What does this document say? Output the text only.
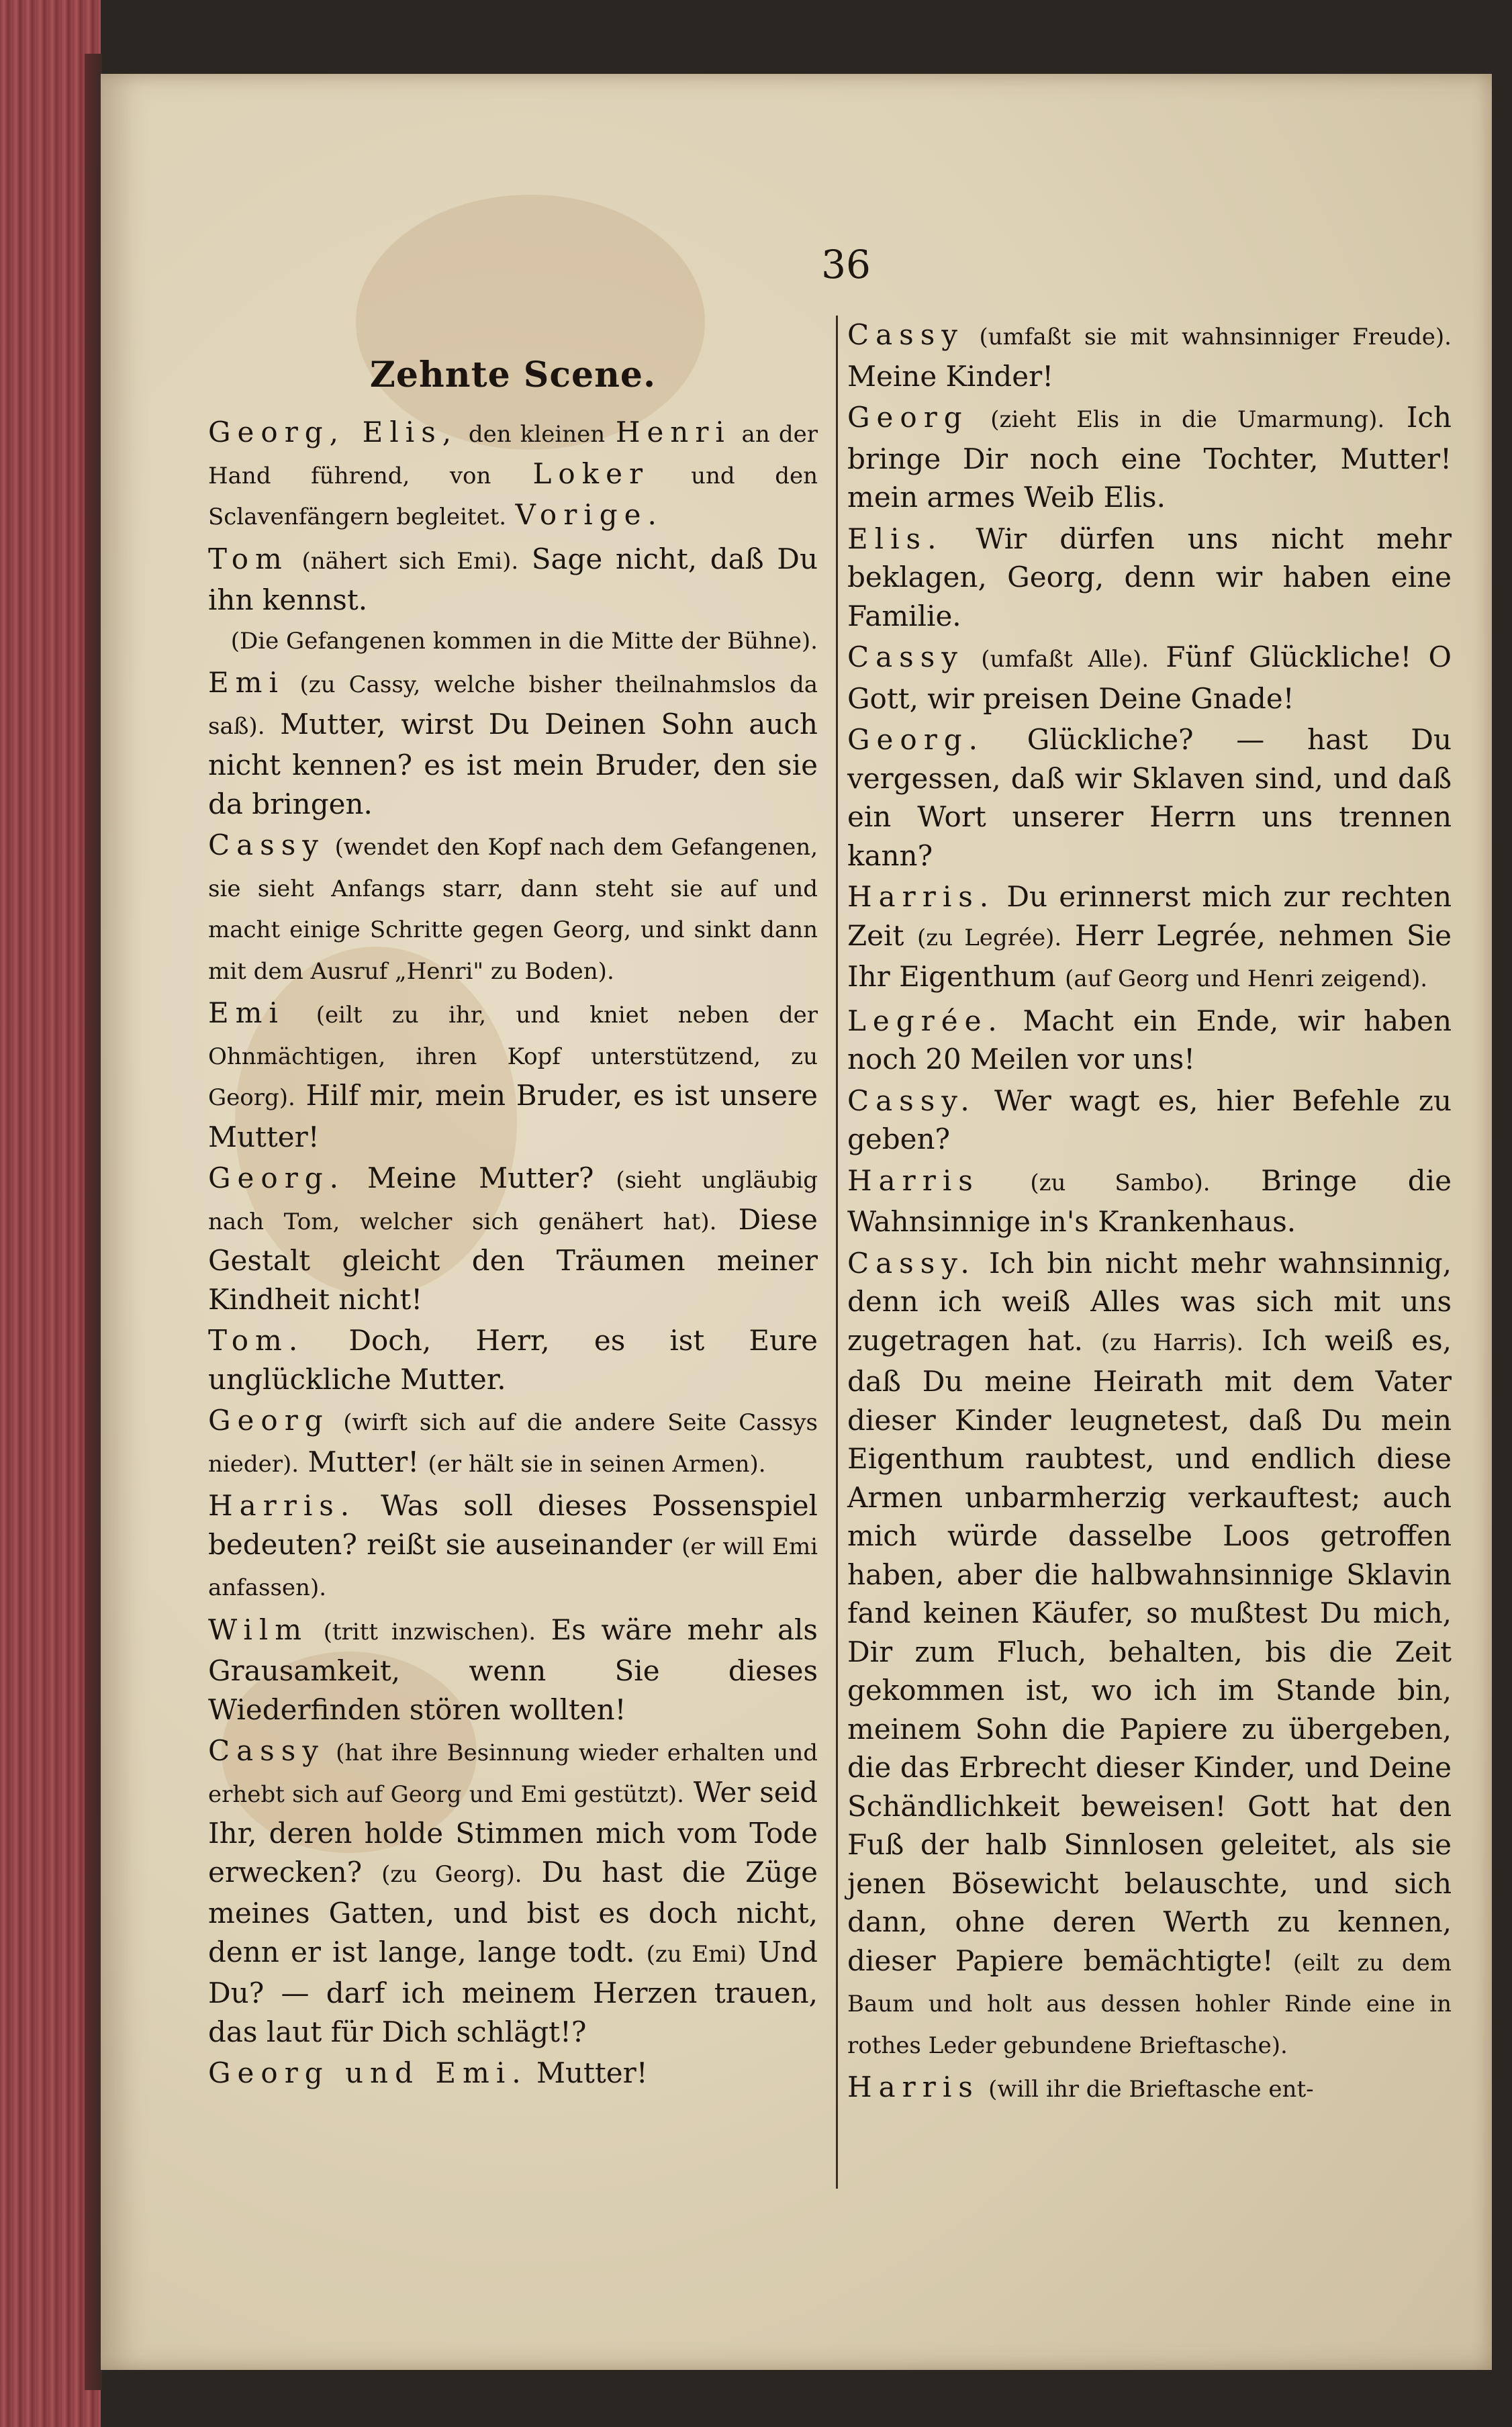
36
Zehnte Scene.

Georg, Elis, den kleinen Henri an der Hand führend, von Loker und den Sclavenfängern begleitet. Vorige.

Tom (nähert sich Emi). Sage nicht, daß Du ihn kennst.

(Die Gefangenen kommen in die Mitte der Bühne).

Emi (zu Cassy, welche bisher theilnahmslos da saß). Mutter, wirst Du Deinen Sohn auch nicht kennen? es ist mein Bruder, den sie da bringen.

Cassy (wendet den Kopf nach dem Gefangenen, sie sieht Anfangs starr, dann steht sie auf und macht einige Schritte gegen Georg, und sinkt dann mit dem Ausruf „Henri" zu Boden).

Emi (eilt zu ihr, und kniet neben der Ohnmächtigen, ihren Kopf unterstützend, zu Georg). Hilf mir, mein Bruder, es ist unsere Mutter!

Georg. Meine Mutter? (sieht ungläubig nach Tom, welcher sich genähert hat). Diese Gestalt gleicht den Träumen meiner Kindheit nicht!

Tom. Doch, Herr, es ist Eure unglückliche Mutter.

Georg (wirft sich auf die andere Seite Cassys nieder). Mutter! (er hält sie in seinen Armen).

Harris. Was soll dieses Possenspiel bedeuten? reißt sie auseinander (er will Emi anfassen).

Wilm (tritt inzwischen). Es wäre mehr als Grausamkeit, wenn Sie dieses Wiederfinden stören wollten!

Cassy (hat ihre Besinnung wieder erhalten und erhebt sich auf Georg und Emi gestützt). Wer seid Ihr, deren holde Stimmen mich vom Tode erwecken? (zu Georg). Du hast die Züge meines Gatten, und bist es doch nicht, denn er ist lange, lange todt. (zu Emi) Und Du? — darf ich meinem Herzen trauen, das laut für Dich schlägt!?

Georg und Emi. Mutter!

Cassy (umfaßt sie mit wahnsinniger Freude). Meine Kinder!

Georg (zieht Elis in die Umarmung). Ich bringe Dir noch eine Tochter, Mutter! mein armes Weib Elis.

Elis. Wir dürfen uns nicht mehr beklagen, Georg, denn wir haben eine Familie.

Cassy (umfaßt Alle). Fünf Glückliche! O Gott, wir preisen Deine Gnade!

Georg. Glückliche? — hast Du vergessen, daß wir Sklaven sind, und daß ein Wort unserer Herrn uns trennen kann?

Harris. Du erinnerst mich zur rechten Zeit (zu Legrée). Herr Legrée, nehmen Sie Ihr Eigenthum (auf Georg und Henri zeigend).

Legrée. Macht ein Ende, wir haben noch 20 Meilen vor uns!

Cassy. Wer wagt es, hier Befehle zu geben?

Harris (zu Sambo). Bringe die Wahnsinnige in's Krankenhaus.

Cassy. Ich bin nicht mehr wahnsinnig, denn ich weiß Alles was sich mit uns zugetragen hat. (zu Harris). Ich weiß es, daß Du meine Heirath mit dem Vater dieser Kinder leugnetest, daß Du mein Eigenthum raubtest, und endlich diese Armen unbarmherzig verkauftest; auch mich würde dasselbe Loos getroffen haben, aber die halbwahnsinnige Sklavin fand keinen Käufer, so mußtest Du mich, Dir zum Fluch, behalten, bis die Zeit gekommen ist, wo ich im Stande bin, meinem Sohn die Papiere zu übergeben, die das Erbrecht dieser Kinder, und Deine Schändlichkeit beweisen! Gott hat den Fuß der halb Sinnlosen geleitet, als sie jenen Bösewicht belauschte, und sich dann, ohne deren Werth zu kennen, dieser Papiere bemächtigte! (eilt zu dem Baum und holt aus dessen hohler Rinde eine in rothes Leder gebundene Brieftasche).

Harris (will ihr die Brieftasche ent-
